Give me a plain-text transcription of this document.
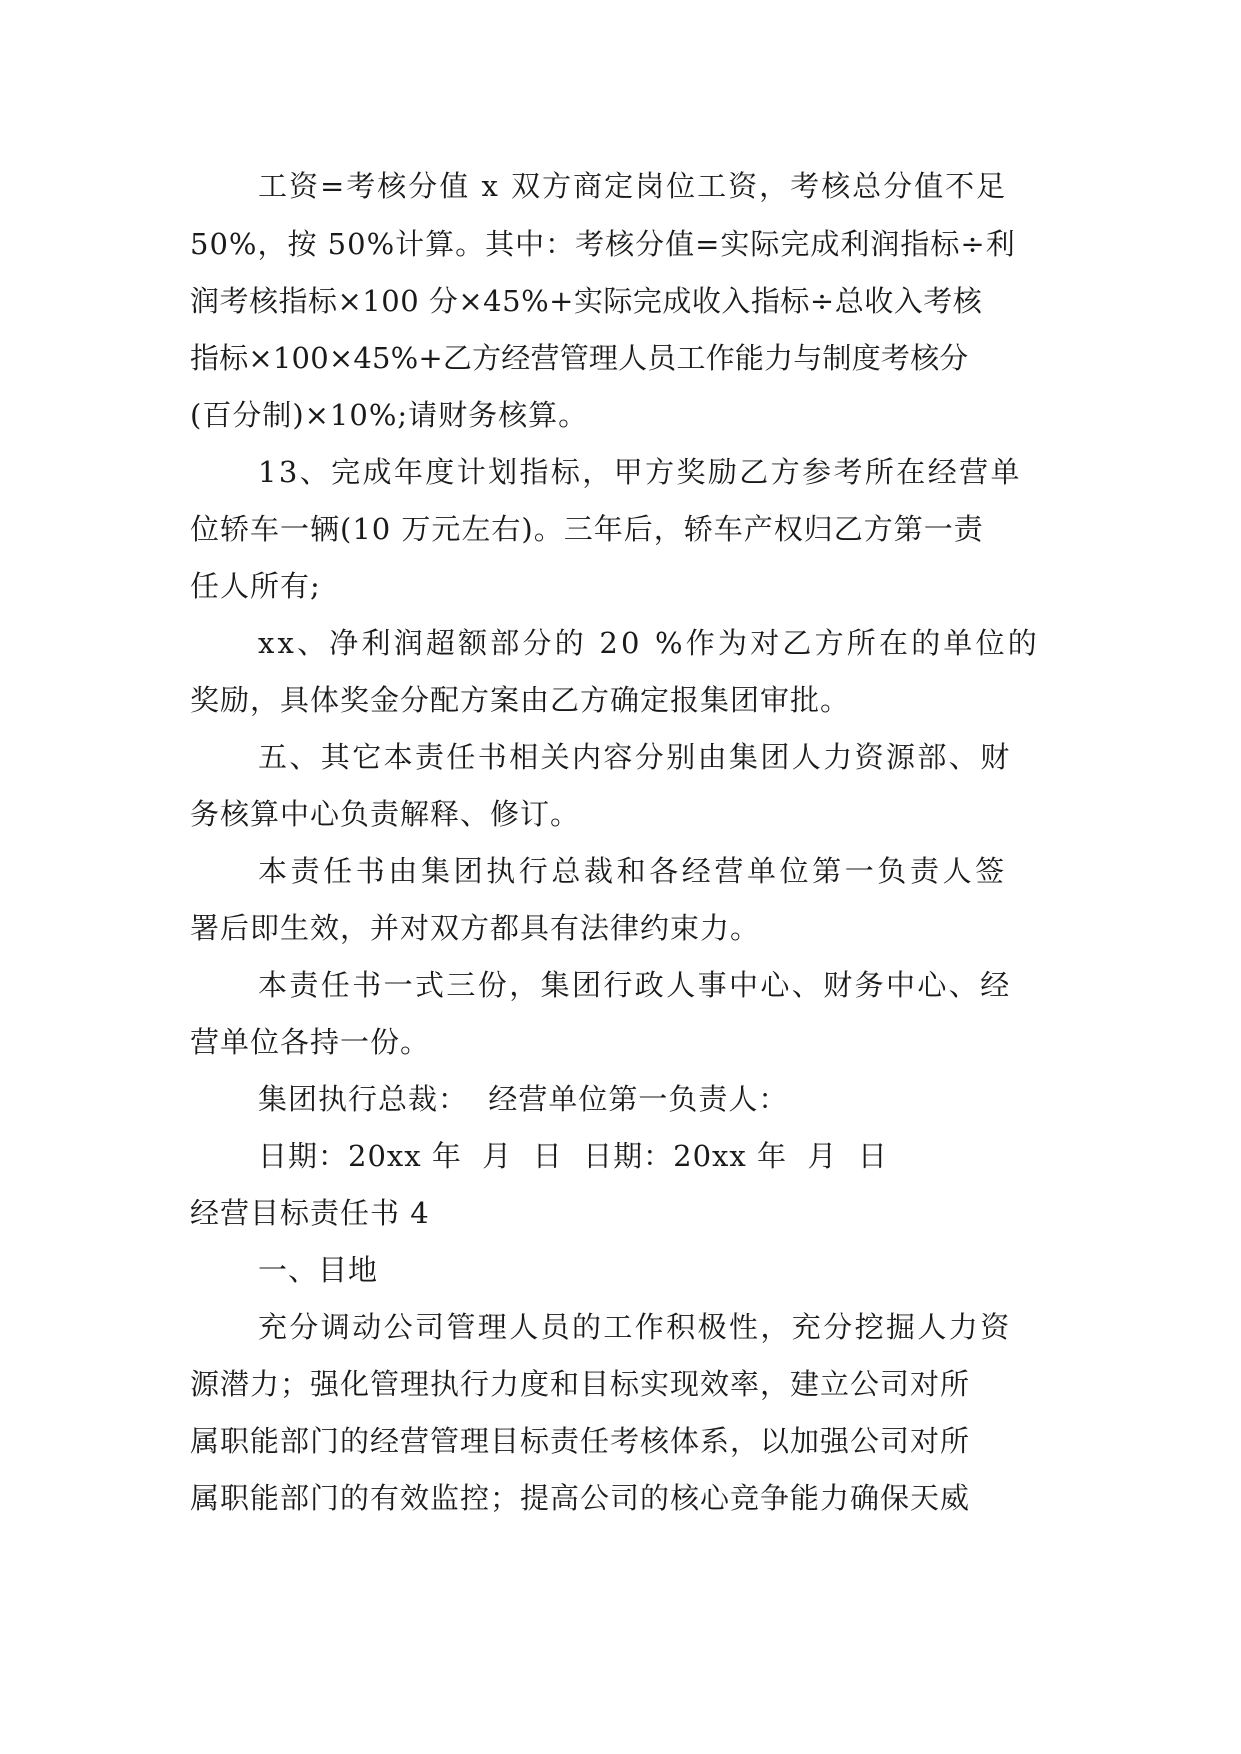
工资=考核分值 x 双方商定岗位工资，考核总分值不足
50%，按 50%计算。其中：考核分值=实际完成利润指标÷利
润考核指标×100 分×45%+实际完成收入指标÷总收入考核
指标×100×45%+乙方经营管理人员工作能力与制度考核分
(百分制)×10%;请财务核算。
13、完成年度计划指标，甲方奖励乙方参考所在经营单
位轿车一辆(10 万元左右)。三年后，轿车产权归乙方第一责
任人所有;
xx、净利润超额部分的 20 %作为对乙方所在的单位的
奖励，具体奖金分配方案由乙方确定报集团审批。
五、其它本责任书相关内容分别由集团人力资源部、财
务核算中心负责解释、修订。
本责任书由集团执行总裁和各经营单位第一负责人签
署后即生效，并对双方都具有法律约束力。
本责任书一式三份，集团行政人事中心、财务中心、经
营单位各持一份。
集团执行总裁：  经营单位第一负责人：
日期：20xx 年  月  日  日期：20xx 年  月  日
经营目标责任书 4
一、目地
充分调动公司管理人员的工作积极性，充分挖掘人力资
源潜力；强化管理执行力度和目标实现效率，建立公司对所
属职能部门的经营管理目标责任考核体系，以加强公司对所
属职能部门的有效监控；提高公司的核心竞争能力确保天威
